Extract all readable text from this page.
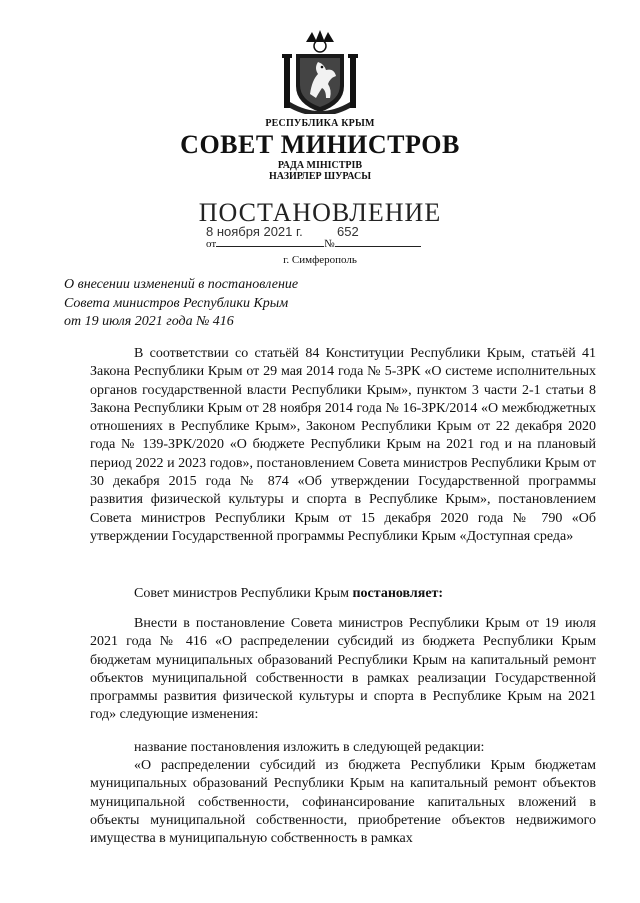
РЕСПУБЛИКА КРЫМ
СОВЕТ МИНИСТРОВ
РАДА МІНІСТРІВ
НАЗИРЛЕР ШУРАСЫ
ПОСТАНОВЛЕНИЕ
8 ноября 2021 г.	652
от	№
г. Симферополь
О внесении изменений в постановление
Совета министров Республики Крым
от 19 июля 2021 года № 416

В соответствии со статьёй 84 Конституции Республики Крым, статьёй 41 Закона Республики Крым от 29 мая 2014 года № 5-ЗРК «О системе исполнительных органов государственной власти Республики Крым», пунктом 3 части 2-1 статьи 8 Закона Республики Крым от 28 ноября 2014 года № 16-ЗРК/2014 «О межбюджетных отношениях в Республике Крым», Законом Республики Крым от 22 декабря 2020 года № 139-ЗРК/2020 «О бюджете Республики Крым на 2021 год и на плановый период 2022 и 2023 годов», постановлением Совета министров Республики Крым от 30 декабря 2015 года № 874 «Об утверждении Государственной программы развития физической культуры и спорта в Республике Крым», постановлением Совета министров Республики Крым от 15 декабря 2020 года № 790 «Об утверждении Государственной программы Республики Крым «Доступная среда»

Совет министров Республики Крым постановляет:

Внести в постановление Совета министров Республики Крым от 19 июля 2021 года № 416 «О распределении субсидий из бюджета Республики Крым бюджетам муниципальных образований Республики Крым на капитальный ремонт объектов муниципальной собственности в рамках реализации Государственной программы развития физической культуры и спорта в Республике Крым на 2021 год» следующие изменения:

название постановления изложить в следующей редакции:

«О распределении субсидий из бюджета Республики Крым бюджетам муниципальных образований Республики Крым на капитальный ремонт объектов муниципальной собственности, софинансирование капитальных вложений в объекты муниципальной собственности, приобретение объектов недвижимого имущества в муниципальную собственность в рамках
